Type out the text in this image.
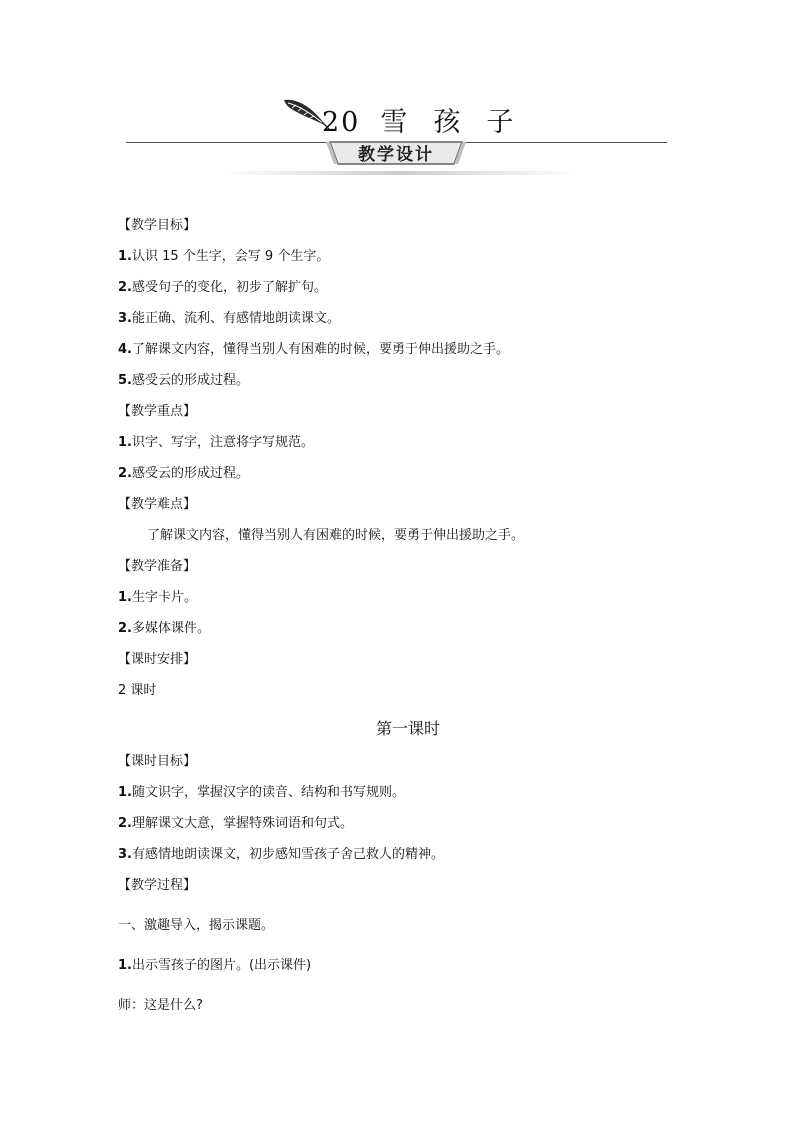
20 雪 孩 子
教学设计
【教学目标】
1.认识 15 个生字，会写 9 个生字。
2.感受句子的变化，初步了解扩句。
3.能正确、流利、有感情地朗读课文。
4.了解课文内容，懂得当别人有困难的时候，要勇于伸出援助之手。
5.感受云的形成过程。
【教学重点】
1.识字、写字，注意将字写规范。
2.感受云的形成过程。
【教学难点】
了解课文内容，懂得当别人有困难的时候，要勇于伸出援助之手。
【教学准备】
1.生字卡片。
2.多媒体课件。
【课时安排】
2 课时
第一课时
【课时目标】
1.随文识字，掌握汉字的读音、结构和书写规则。
2.理解课文大意，掌握特殊词语和句式。
3.有感情地朗读课文，初步感知雪孩子舍己救人的精神。
【教学过程】
一、激趣导入，揭示课题。
1.出示雪孩子的图片。(出示课件)
师：这是什么?
